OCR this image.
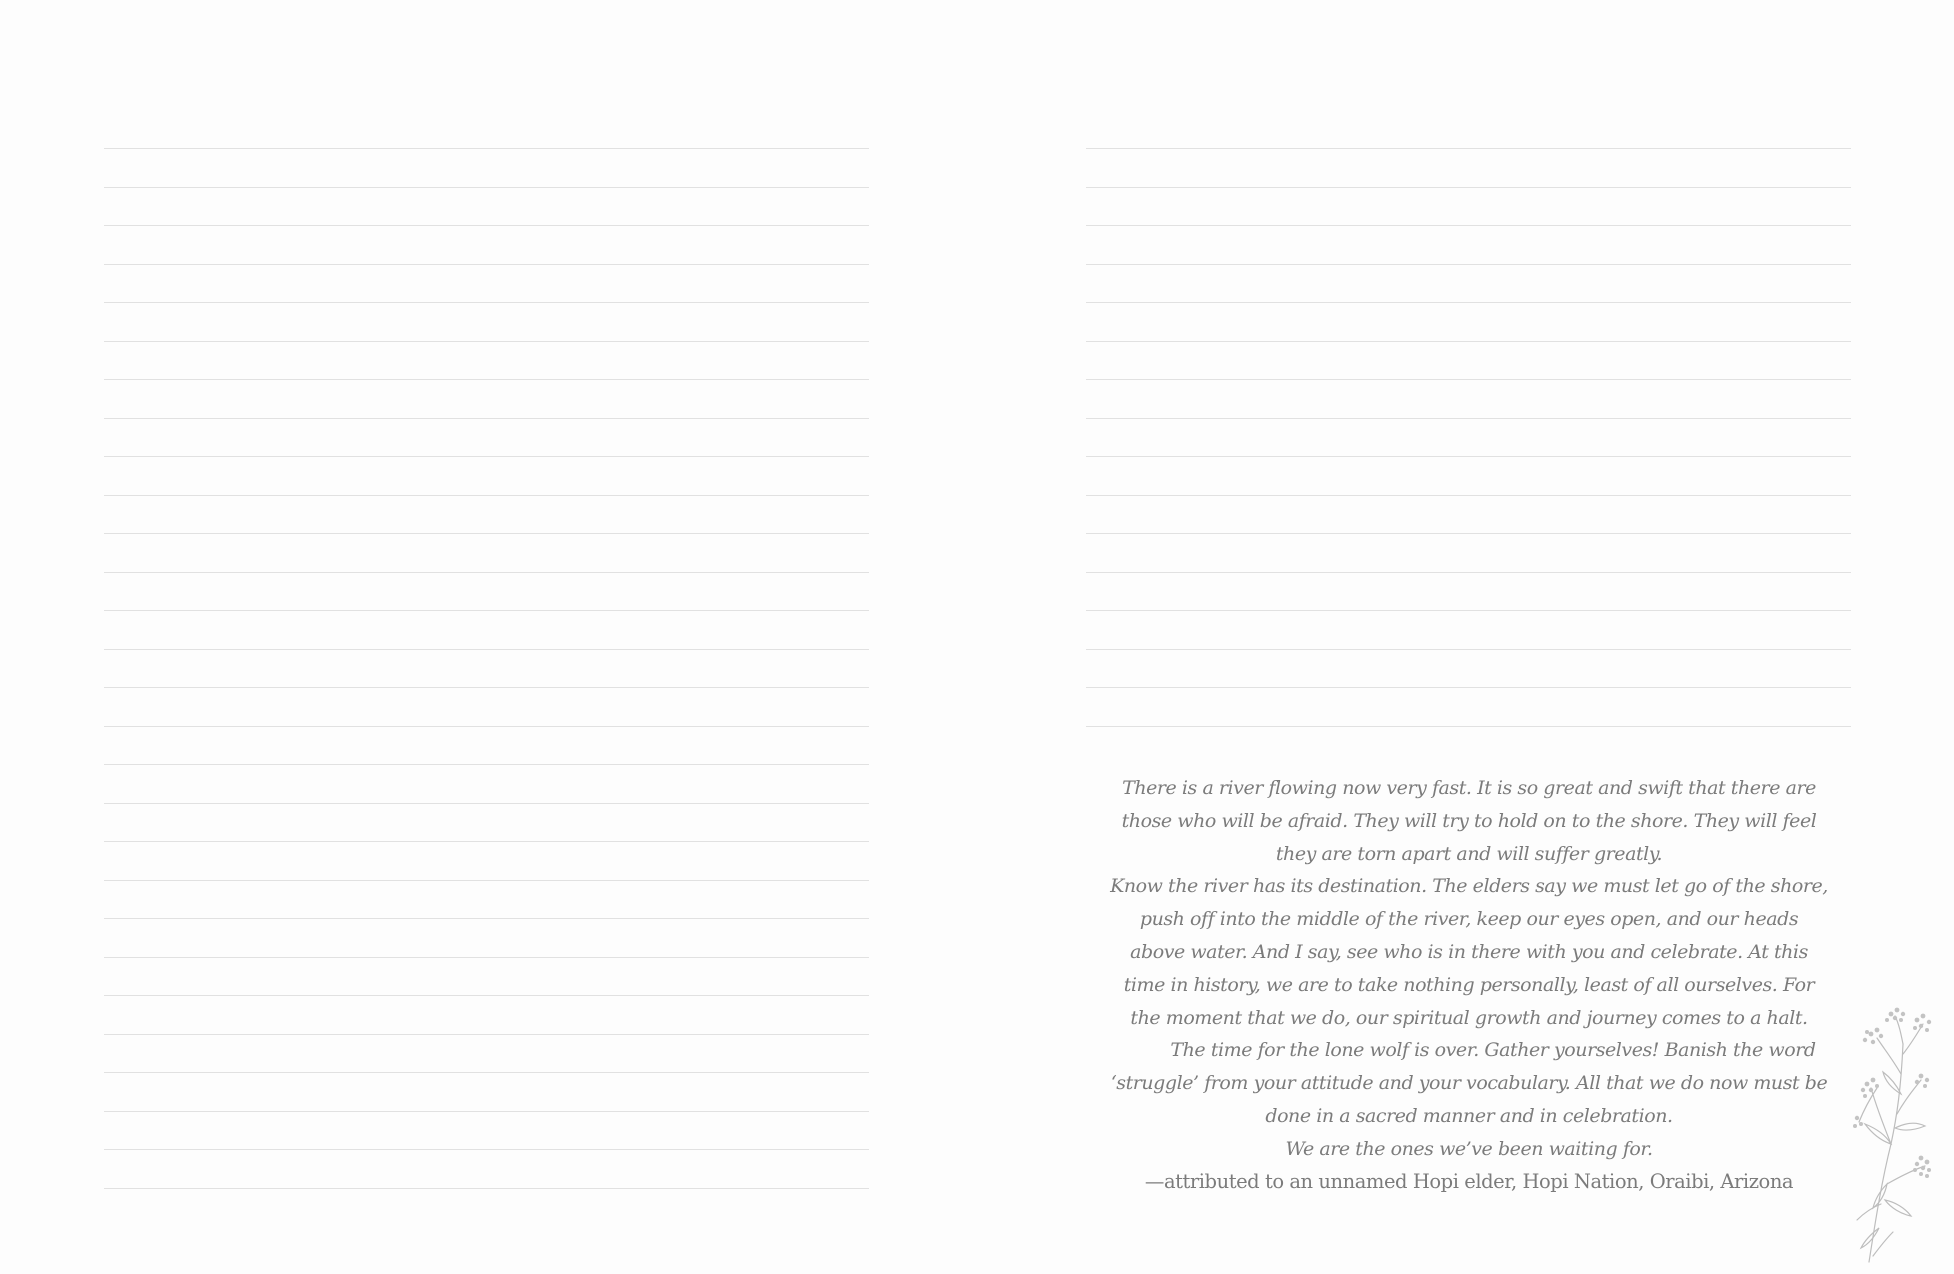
There is a river flowing now very fast. It is so great and swift that there are those who will be afraid. They will try to hold on to the shore. They will feel they are torn apart and will suffer greatly.

Know the river has its destination. The elders say we must let go of the shore, push off into the middle of the river, keep our eyes open, and our heads above water. And I say, see who is in there with you and celebrate. At this time in history, we are to take nothing personally, least of all ourselves. For the moment that we do, our spiritual growth and journey comes to a halt.

The time for the lone wolf is over. Gather yourselves! Banish the word ‘struggle’ from your attitude and your vocabulary. All that we do now must be done in a sacred manner and in celebration.

We are the ones we’ve been waiting for.

—attributed to an unnamed Hopi elder, Hopi Nation, Oraibi, Arizona
